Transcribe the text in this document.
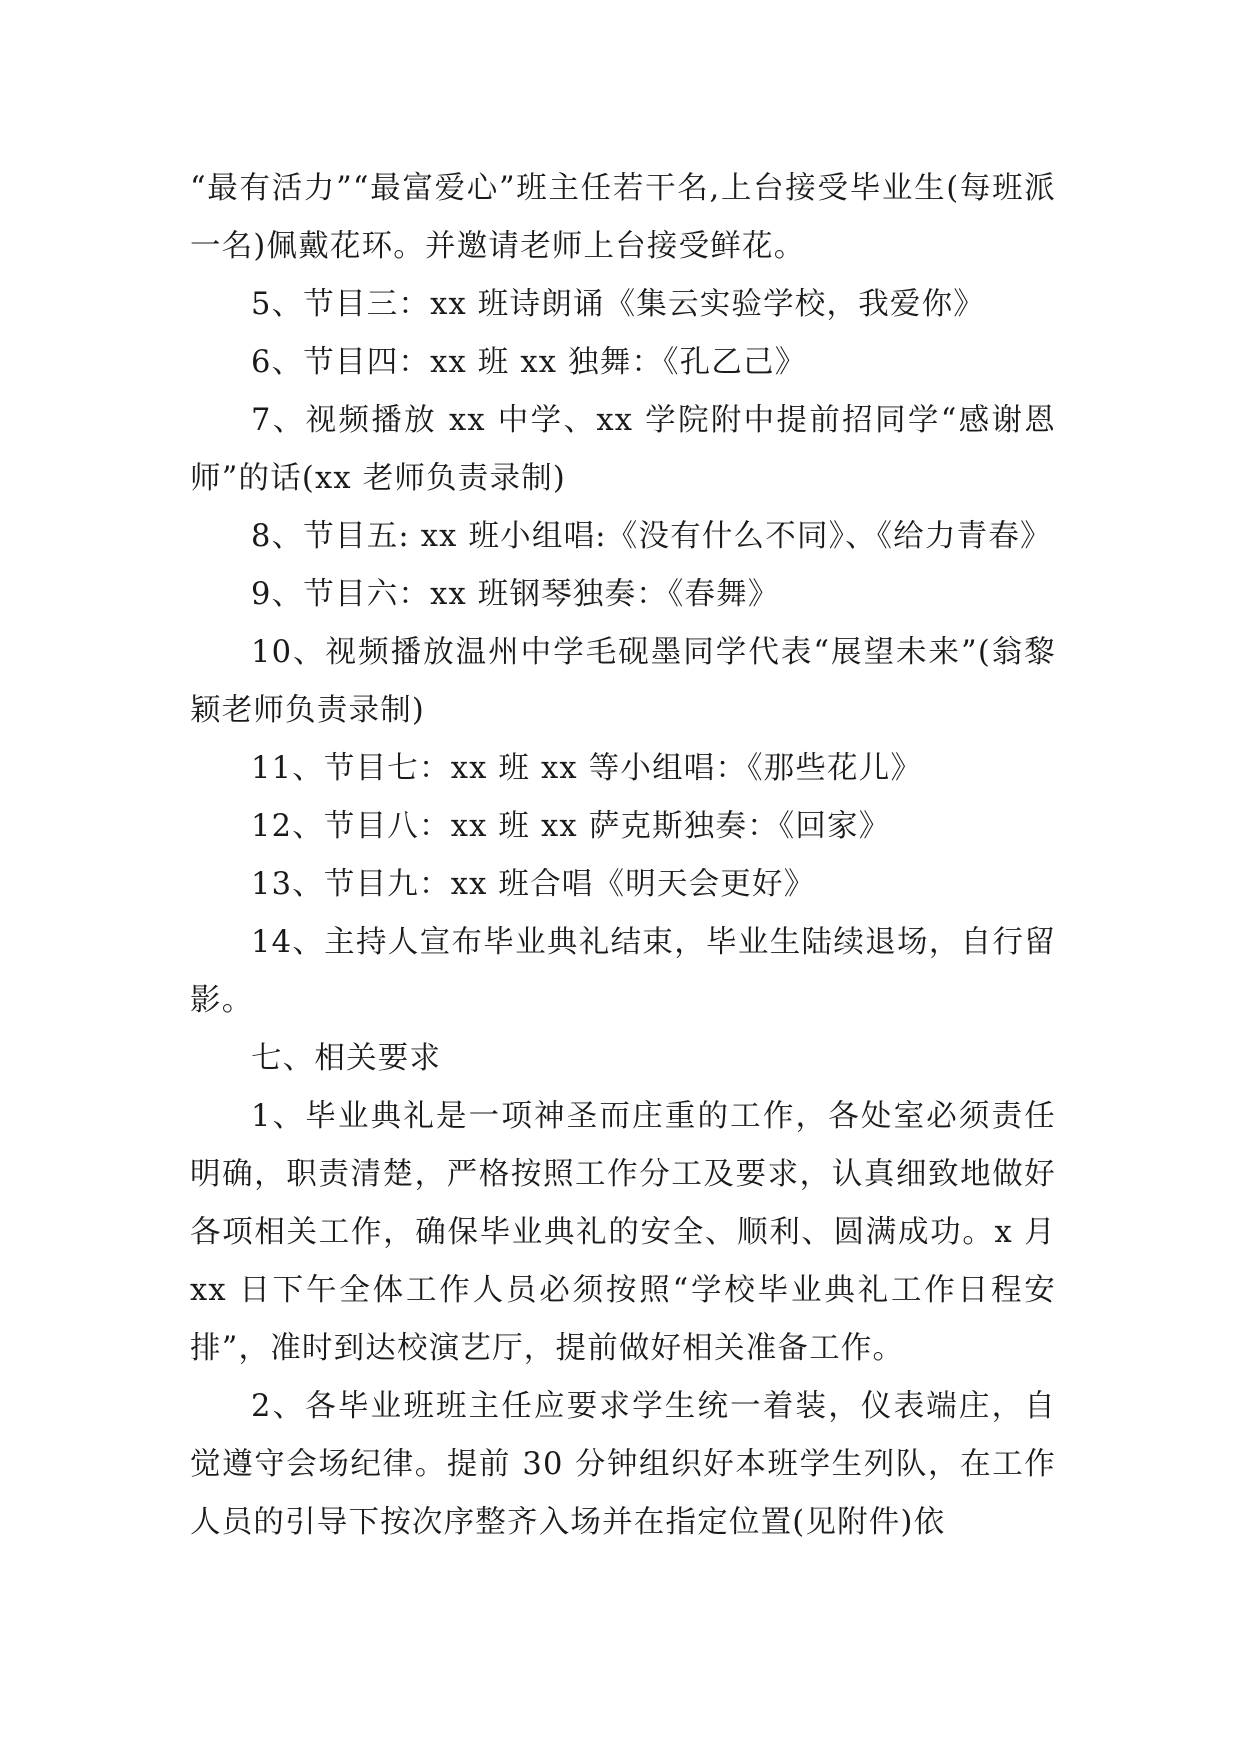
“最有活力”“最富爱心”班主任若干名,上台接受毕业生(每班派一名)佩戴花环。并邀请老师上台接受鲜花。

5、节目三：xx 班诗朗诵《集云实验学校，我爱你》

6、节目四：xx 班 xx 独舞：《孔乙己》

7、视频播放 xx 中学、xx 学院附中提前招同学“感谢恩师”的话(xx 老师负责录制)

8、节目五: xx 班小组唱:《没有什么不同》、《给力青春》

9、节目六：xx 班钢琴独奏：《春舞》

10、视频播放温州中学毛砚墨同学代表“展望未来”(翁黎颖老师负责录制)

11、节目七：xx 班 xx 等小组唱：《那些花儿》

12、节目八：xx 班 xx 萨克斯独奏：《回家》

13、节目九：xx 班合唱《明天会更好》

14、主持人宣布毕业典礼结束，毕业生陆续退场，自行留影。

七、相关要求

1、毕业典礼是一项神圣而庄重的工作，各处室必须责任明确，职责清楚，严格按照工作分工及要求，认真细致地做好各项相关工作，确保毕业典礼的安全、顺利、圆满成功。x 月 xx 日下午全体工作人员必须按照“学校毕业典礼工作日程安排”，准时到达校演艺厅，提前做好相关准备工作。

2、各毕业班班主任应要求学生统一着装，仪表端庄，自觉遵守会场纪律。提前 30 分钟组织好本班学生列队，在工作人员的引导下按次序整齐入场并在指定位置(见附件)依
